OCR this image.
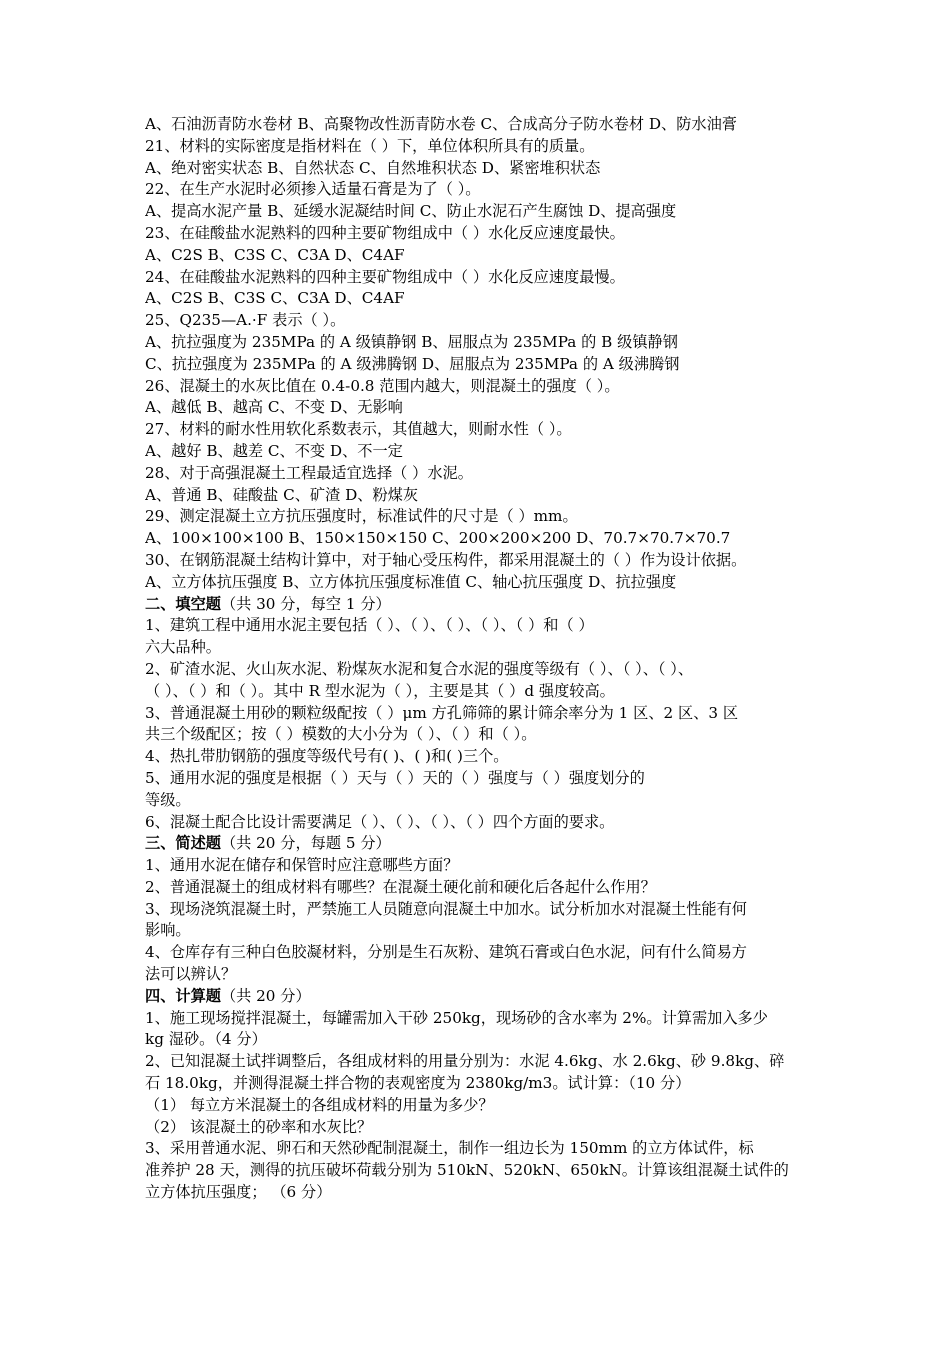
A、石油沥青防水卷材 B、高聚物改性沥青防水卷 C、合成高分子防水卷材 D、防水油膏
21、材料的实际密度是指材料在（ ）下，单位体积所具有的质量。
A、绝对密实状态 B、自然状态 C、自然堆积状态 D、紧密堆积状态
22、在生产水泥时必须掺入适量石膏是为了（ ）。
A、提高水泥产量 B、延缓水泥凝结时间 C、防止水泥石产生腐蚀 D、提高强度
23、在硅酸盐水泥熟料的四种主要矿物组成中（ ）水化反应速度最快。
A、C2S B、C3S C、C3A D、C4AF
24、在硅酸盐水泥熟料的四种主要矿物组成中（ ）水化反应速度最慢。
A、C2S B、C3S C、C3A D、C4AF
25、Q235—A.·F 表示（ ）。
A、抗拉强度为 235MPa 的 A 级镇静钢 B、屈服点为 235MPa 的 B 级镇静钢
C、抗拉强度为 235MPa 的 A 级沸腾钢 D、屈服点为 235MPa 的 A 级沸腾钢
26、混凝土的水灰比值在 0.4-0.8 范围内越大，则混凝土的强度（ ）。
A、越低 B、越高 C、不变 D、无影响
27、材料的耐水性用软化系数表示，其值越大，则耐水性（ ）。
A、越好 B、越差 C、不变 D、不一定
28、对于高强混凝土工程最适宜选择（ ）水泥。
A、普通 B、硅酸盐 C、矿渣 D、粉煤灰
29、测定混凝土立方抗压强度时，标准试件的尺寸是（ ）mm。
A、100×100×100 B、150×150×150 C、200×200×200 D、70.7×70.7×70.7
30、在钢筋混凝土结构计算中，对于轴心受压构件，都采用混凝土的（ ）作为设计依据。
A、立方体抗压强度 B、立方体抗压强度标准值 C、轴心抗压强度 D、抗拉强度
二、填空题（共 30 分，每空 1 分）
1、建筑工程中通用水泥主要包括（ ）、（ ）、（ ）、（ ）、（ ）和（ ）
六大品种。
2、矿渣水泥、火山灰水泥、粉煤灰水泥和复合水泥的强度等级有（ ）、（ ）、（ ）、
（ ）、（ ）和（ ）。其中 R 型水泥为（ ），主要是其（ ）d 强度较高。
3、普通混凝土用砂的颗粒级配按（ ）μm 方孔筛筛的累计筛余率分为 1 区、2 区、3 区
共三个级配区；按（ ）模数的大小分为（ ）、（ ）和（ ）。
4、热扎带肋钢筋的强度等级代号有( )、( )和( )三个。
5、通用水泥的强度是根据（ ）天与（ ）天的（ ）强度与（ ）强度划分的
等级。
6、混凝土配合比设计需要满足（ ）、（ ）、（ ）、（ ）四个方面的要求。
三、简述题（共 20 分，每题 5 分）
1、通用水泥在储存和保管时应注意哪些方面？
2、普通混凝土的组成材料有哪些？在混凝土硬化前和硬化后各起什么作用？
3、现场浇筑混凝土时，严禁施工人员随意向混凝土中加水。试分析加水对混凝土性能有何
影响。
4、仓库存有三种白色胶凝材料，分别是生石灰粉、建筑石膏或白色水泥，问有什么简易方
法可以辨认？
四、计算题（共 20 分）
1、施工现场搅拌混凝土，每罐需加入干砂 250kg，现场砂的含水率为 2%。计算需加入多少
kg 湿砂。（4 分）
2、已知混凝土试拌调整后，各组成材料的用量分别为：水泥 4.6kg、水 2.6kg、砂 9.8kg、碎
石 18.0kg，并测得混凝土拌合物的表观密度为 2380kg/m3。试计算：（10 分）
（1） 每立方米混凝土的各组成材料的用量为多少？
（2） 该混凝土的砂率和水灰比？
3、采用普通水泥、卵石和天然砂配制混凝土，制作一组边长为 150mm 的立方体试件，标
准养护 28 天，测得的抗压破坏荷载分别为 510kN、520kN、650kN。计算该组混凝土试件的
立方体抗压强度； （6 分）
